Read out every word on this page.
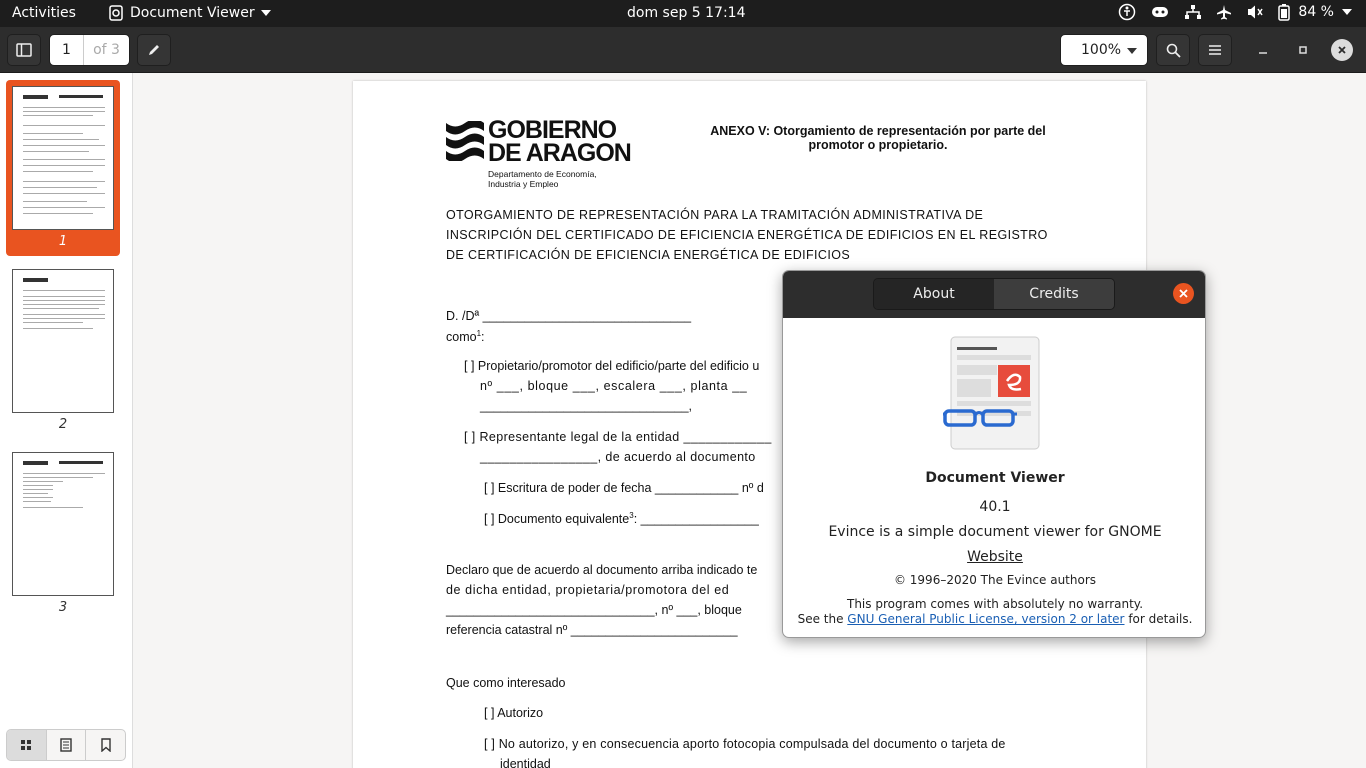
Activities	Document Viewer	dom sep 5 17:14	84 %
1	of 3	100%
1
2
3
GOBIERNO
DE ARAGON
Departamento de Economía,
Industria y Empleo
ANEXO V: Otorgamiento de representación por parte del
promotor o propietario.
OTORGAMIENTO DE REPRESENTACIÓN PARA LA TRAMITACIÓN ADMINISTRATIVA DE
INSCRIPCIÓN DEL CERTIFICADO DE EFICIENCIA ENERGÉTICA DE EDIFICIOS EN EL REGISTRO
DE CERTIFICACIÓN DE EFICIENCIA ENERGÉTICA DE EDIFICIOS
D. /Dª ______________________________
como$^1$:
[ ] Propietario/promotor del edificio/parte del edificio u
nº ___, bloque ___, escalera ___, planta __
______________________________,
[ ] Representante legal de la entidad ____________
________________, de acuerdo al documento
[ ] Escritura de poder de fecha ____________ nº d
[ ] Documento equivalente$^3$: _________________
Declaro que de acuerdo al documento arriba indicado te
de dicha entidad, propietaria/promotora del ed
______________________________, nº ___, bloque
referencia catastral nº ________________________
Que como interesado
[ ] Autorizo
[ ] No autorizo, y en consecuencia aporto fotocopia compulsada del documento o tarjeta de
identidad
About	Credits
Document Viewer
40.1
Evince is a simple document viewer for GNOME
Website
© 1996–2020 The Evince authors
This program comes with absolutely no warranty.
See the GNU General Public License, version 2 or later for details.
